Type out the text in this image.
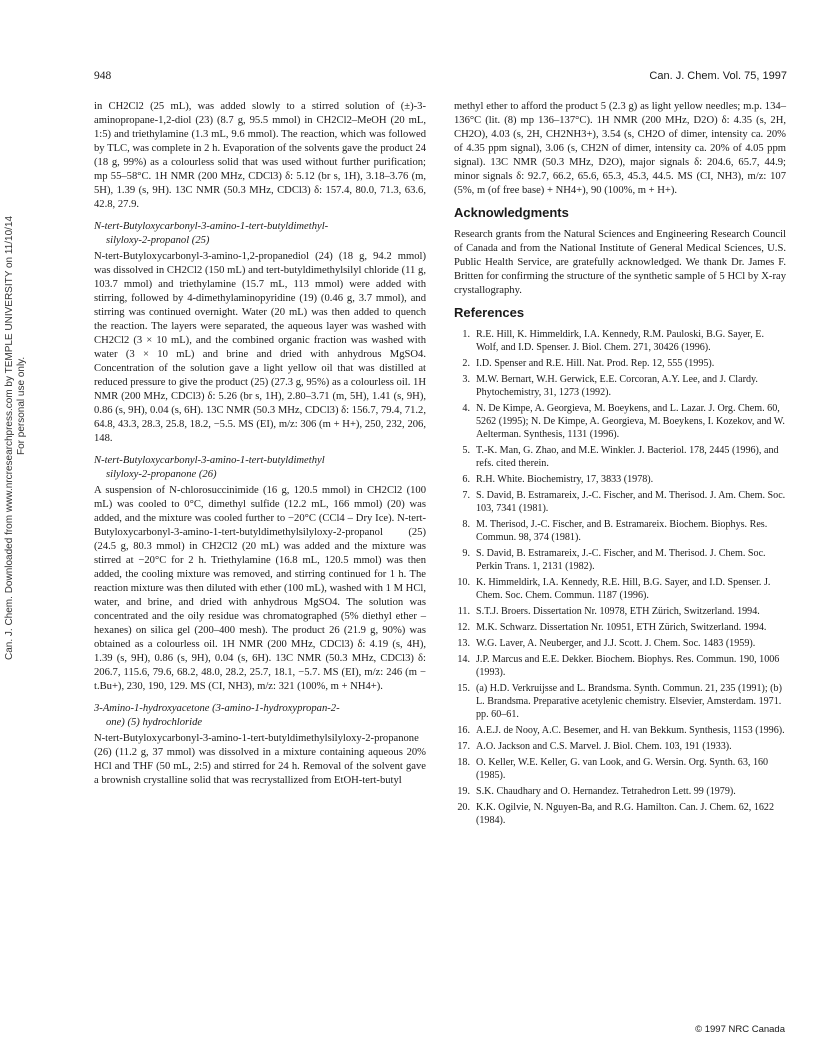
948	Can. J. Chem. Vol. 75, 1997
Can. J. Chem. Downloaded from www.nrcresearchpress.com by TEMPLE UNIVERSITY on 11/10/14 For personal use only.

in CH2Cl2 (25 mL), was added slowly to a stirred solution of (±)-3-aminopropane-1,2-diol (23) (8.7 g, 95.5 mmol) in CH2Cl2–MeOH (20 mL, 1:5) and triethylamine (1.3 mL, 9.6 mmol). The reaction, which was followed by TLC, was complete in 2 h. Evaporation of the solvents gave the product 24 (18 g, 99%) as a colourless solid that was used without further purification; mp 55–58°C. 1H NMR (200 MHz, CDCl3) δ: 5.12 (br s, 1H), 3.18–3.76 (m, 5H), 1.39 (s, 9H). 13C NMR (50.3 MHz, CDCl3) δ: 157.4, 80.0, 71.3, 63.6, 42.8, 27.9.

N-tert-Butyloxycarbonyl-3-amino-1-tert-butyldimethyl-
silyloxy-2-propanol (25)

N-tert-Butyloxycarbonyl-3-amino-1,2-propanediol (24) (18 g, 94.2 mmol) was dissolved in CH2Cl2 (150 mL) and tert-butyldimethylsilyl chloride (11 g, 103.7 mmol) and triethylamine (15.7 mL, 113 mmol) were added with stirring, followed by 4-dimethylaminopyridine (19) (0.46 g, 3.7 mmol), and stirring was continued overnight. Water (20 mL) was then added to quench the reaction. The layers were separated, the aqueous layer was washed with CH2Cl2 (3 × 10 mL), and the combined organic fraction was washed with water (3 × 10 mL) and brine and dried with anhydrous MgSO4. Concentration of the solution gave a light yellow oil that was distilled at reduced pressure to give the product (25) (27.3 g, 95%) as a colourless oil. 1H NMR (200 MHz, CDCl3) δ: 5.26 (br s, 1H), 2.80–3.71 (m, 5H), 1.41 (s, 9H), 0.86 (s, 9H), 0.04 (s, 6H). 13C NMR (50.3 MHz, CDCl3) δ: 156.7, 79.4, 71.2, 64.8, 43.3, 28.3, 25.8, 18.2, −5.5. MS (EI), m/z: 306 (m + H+), 250, 232, 206, 148.

N-tert-Butyloxycarbonyl-3-amino-1-tert-butyldimethyl
silyloxy-2-propanone (26)

A suspension of N-chlorosuccinimide (16 g, 120.5 mmol) in CH2Cl2 (100 mL) was cooled to 0°C, dimethyl sulfide (12.2 mL, 166 mmol) (20) was added, and the mixture was cooled further to −20°C (CCl4 – Dry Ice). N-tert-Butyloxycarbonyl-3-amino-1-tert-butyldimethylsilyloxy-2-propanol (25) (24.5 g, 80.3 mmol) in CH2Cl2 (20 mL) was added and the mixture was stirred at −20°C for 2 h. Triethylamine (16.8 mL, 120.5 mmol) was then added, the cooling mixture was removed, and stirring continued for 1 h. The reaction mixture was then diluted with ether (100 mL), washed with 1 M HCl, water, and brine, and dried with anhydrous MgSO4. The solution was concentrated and the oily residue was chromatographed (5% diethyl ether – hexanes) on silica gel (200–400 mesh). The product 26 (21.9 g, 90%) was obtained as a colourless oil. 1H NMR (200 MHz, CDCl3) δ: 4.19 (s, 4H), 1.39 (s, 9H), 0.86 (s, 9H), 0.04 (s, 6H). 13C NMR (50.3 MHz, CDCl3) δ: 206.7, 115.6, 79.6, 68.2, 48.0, 28.2, 25.7, 18.1, −5.7. MS (EI), m/z: 246 (m − t.Bu+), 230, 190, 129. MS (CI, NH3), m/z: 321 (100%, m + NH4+).

3-Amino-1-hydroxyacetone (3-amino-1-hydroxypropan-2-
one) (5) hydrochloride

N-tert-Butyloxycarbonyl-3-amino-1-tert-butyldimethylsilyloxy-2-propanone (26) (11.2 g, 37 mmol) was dissolved in a mixture containing aqueous 20% HCl and THF (50 mL, 2:5) and stirred for 24 h. Removal of the solvent gave a brownish crystalline solid that was recrystallized from EtOH-tert-butyl

methyl ether to afford the product 5 (2.3 g) as light yellow needles; m.p. 134–136°C (lit. (8) mp 136–137°C). 1H NMR (200 MHz, D2O) δ: 4.35 (s, 2H, CH2O), 4.03 (s, 2H, CH2NH3+), 3.54 (s, CH2O of dimer, intensity ca. 20% of 4.35 ppm signal), 3.06 (s, CH2N of dimer, intensity ca. 20% of 4.05 ppm signal). 13C NMR (50.3 MHz, D2O), major signals δ: 204.6, 65.7, 44.9; minor signals δ: 92.7, 66.2, 65.6, 65.3, 45.3, 44.5. MS (CI, NH3), m/z: 107 (5%, m (of free base) + NH4+), 90 (100%, m + H+).

Acknowledgments

Research grants from the Natural Sciences and Engineering Research Council of Canada and from the National Institute of General Medical Sciences, U.S. Public Health Service, are gratefully acknowledged. We thank Dr. James F. Britten for confirming the structure of the synthetic sample of 5 HCl by X-ray crystallography.

References
1. R.E. Hill, K. Himmeldirk, I.A. Kennedy, R.M. Pauloski, B.G. Sayer, E. Wolf, and I.D. Spenser. J. Biol. Chem. 271, 30426 (1996).
2. I.D. Spenser and R.E. Hill. Nat. Prod. Rep. 12, 555 (1995).
3. M.W. Bernart, W.H. Gerwick, E.E. Corcoran, A.Y. Lee, and J. Clardy. Phytochemistry, 31, 1273 (1992).
4. N. De Kimpe, A. Georgieva, M. Boeykens, and L. Lazar. J. Org. Chem. 60, 5262 (1995); N. De Kimpe, A. Georgieva, M. Boeykens, I. Kozekov, and W. Aelterman. Synthesis, 1131 (1996).
5. T.-K. Man, G. Zhao, and M.E. Winkler. J. Bacteriol. 178, 2445 (1996), and refs. cited therein.
6. R.H. White. Biochemistry, 17, 3833 (1978).
7. S. David, B. Estramareix, J.-C. Fischer, and M. Therisod. J. Am. Chem. Soc. 103, 7341 (1981).
8. M. Therisod, J.-C. Fischer, and B. Estramareix. Biochem. Biophys. Res. Commun. 98, 374 (1981).
9. S. David, B. Estramareix, J.-C. Fischer, and M. Therisod. J. Chem. Soc. Perkin Trans. 1, 2131 (1982).
10. K. Himmeldirk, I.A. Kennedy, R.E. Hill, B.G. Sayer, and I.D. Spenser. J. Chem. Soc. Chem. Commun. 1187 (1996).
11. S.T.J. Broers. Dissertation Nr. 10978, ETH Zürich, Switzerland. 1994.
12. M.K. Schwarz. Dissertation Nr. 10951, ETH Zürich, Switzerland. 1994.
13. W.G. Laver, A. Neuberger, and J.J. Scott. J. Chem. Soc. 1483 (1959).
14. J.P. Marcus and E.E. Dekker. Biochem. Biophys. Res. Commun. 190, 1006 (1993).
15. (a) H.D. Verkruijsse and L. Brandsma. Synth. Commun. 21, 235 (1991); (b) L. Brandsma. Preparative acetylenic chemistry. Elsevier, Amsterdam. 1971. pp. 60–61.
16. A.E.J. de Nooy, A.C. Besemer, and H. van Bekkum. Synthesis, 1153 (1996).
17. A.O. Jackson and C.S. Marvel. J. Biol. Chem. 103, 191 (1933).
18. O. Keller, W.E. Keller, G. van Look, and G. Wersin. Org. Synth. 63, 160 (1985).
19. S.K. Chaudhary and O. Hernandez. Tetrahedron Lett. 99 (1979).
20. K.K. Ogilvie, N. Nguyen-Ba, and R.G. Hamilton. Can. J. Chem. 62, 1622 (1984).
© 1997 NRC Canada
